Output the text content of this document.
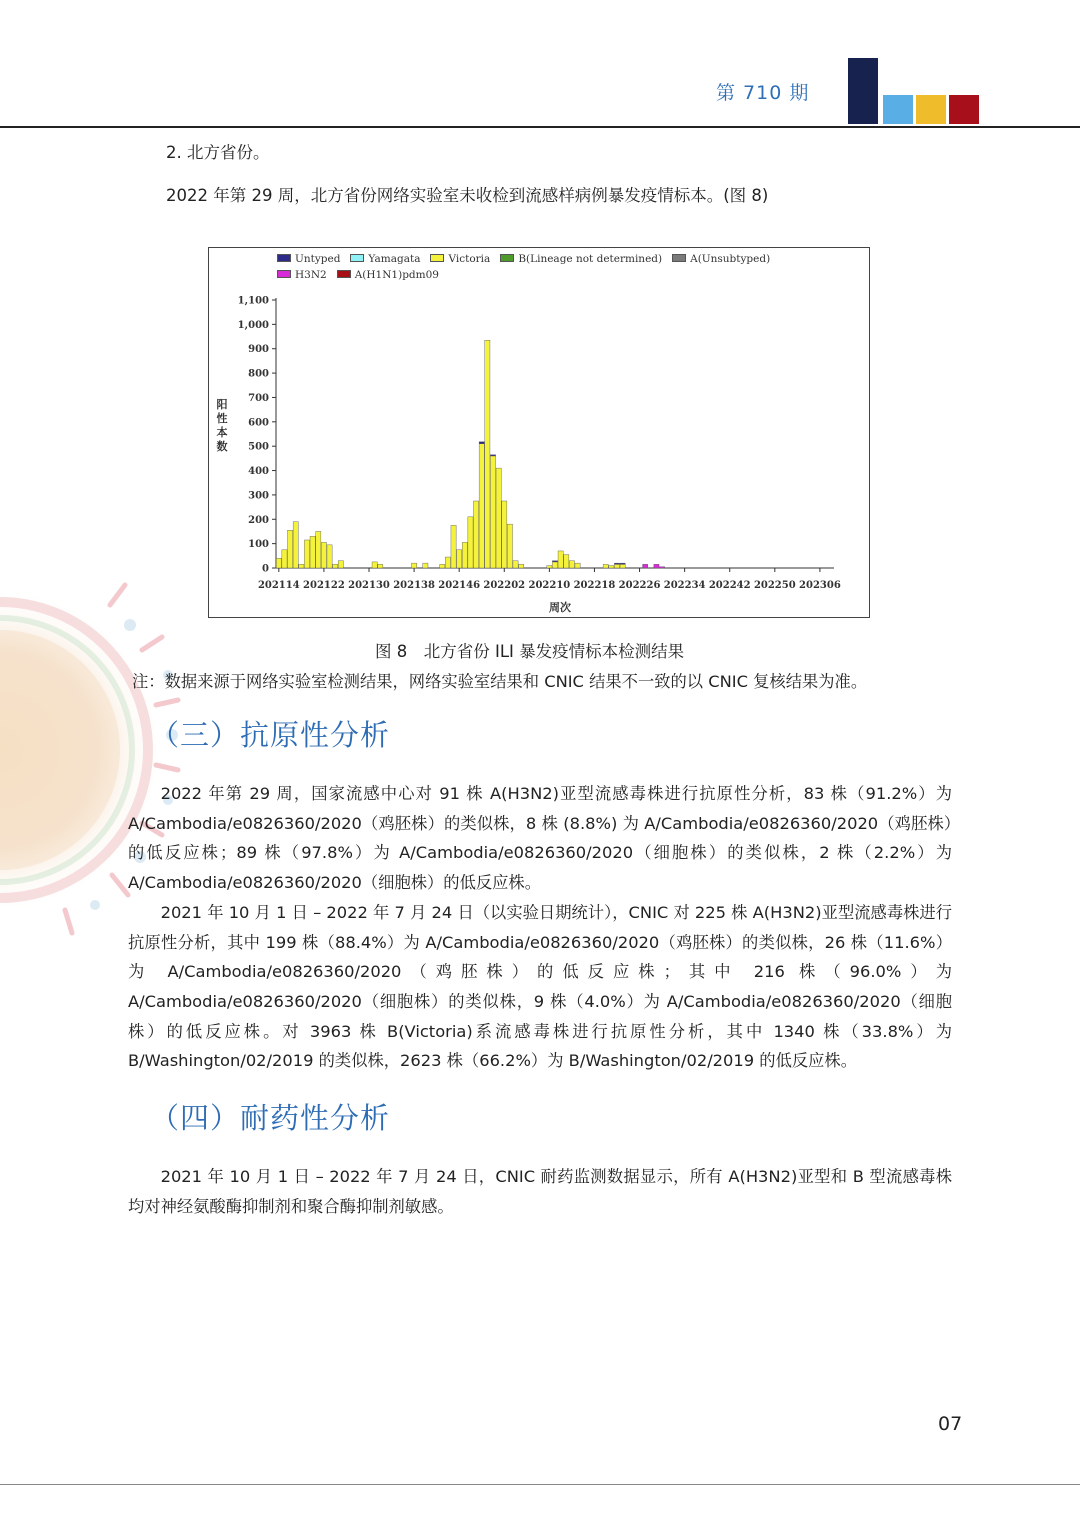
第 710 期
2. 北方省份。
2022 年第 29 周，北方省份网络实验室未收检到流感样病例暴发疫情标本。(图 8)
0
100
200
300
400
500
600
700
800
900
1,000
1,100
202114 202122 202130 202138 202146 202202 202210 202218 202226 202234 202242 202250 202306
Untyped	Yamagata	Victoria	B(Lineage not determined)	A(Unsubtyped)H3N2	A(H1N1)pdm09
阳性本数
周次
图 8　北方省份 ILI 暴发疫情标本检测结果
注：数据来源于网络实验室检测结果，网络实验室结果和 CNIC 结果不一致的以 CNIC 复核结果为准。
（三）抗原性分析

2022 年第 29 周，国家流感中心对 91 株 A(H3N2)亚型流感毒株进行抗原性分析，83 株（91.2%）为 A/Cambodia/e0826360/2020（鸡胚株）的类似株，8 株 (8.8%) 为 A/Cambodia/e0826360/2020（鸡胚株）的低反应株；89 株（97.8%）为 A/Cambodia/e0826360/2020（细胞株）的类似株，2 株（2.2%）为 A/Cambodia/e0826360/2020（细胞株）的低反应株。

2021 年 10 月 1 日 – 2022 年 7 月 24 日（以实验日期统计），CNIC 对 225 株 A(H3N2)亚型流感毒株进行抗原性分析，其中 199 株（88.4%）为 A/Cambodia/e0826360/2020（鸡胚株）的类似株，26 株（11.6%）为 A/Cambodia/e0826360/2020（鸡胚株）的低反应株；其中 216 株（96.0%）为 A/Cambodia/e0826360/2020（细胞株）的类似株，9 株（4.0%）为 A/Cambodia/e0826360/2020（细胞株）的低反应株。对 3963 株 B(Victoria)系流感毒株进行抗原性分析，其中 1340 株（33.8%）为 B/Washington/02/2019 的类似株，2623 株（66.2%）为 B/Washington/02/2019 的低反应株。

（四）耐药性分析

2021 年 10 月 1 日 – 2022 年 7 月 24 日，CNIC 耐药监测数据显示，所有 A(H3N2)亚型和 B 型流感毒株均对神经氨酸酶抑制剂和聚合酶抑制剂敏感。

07
